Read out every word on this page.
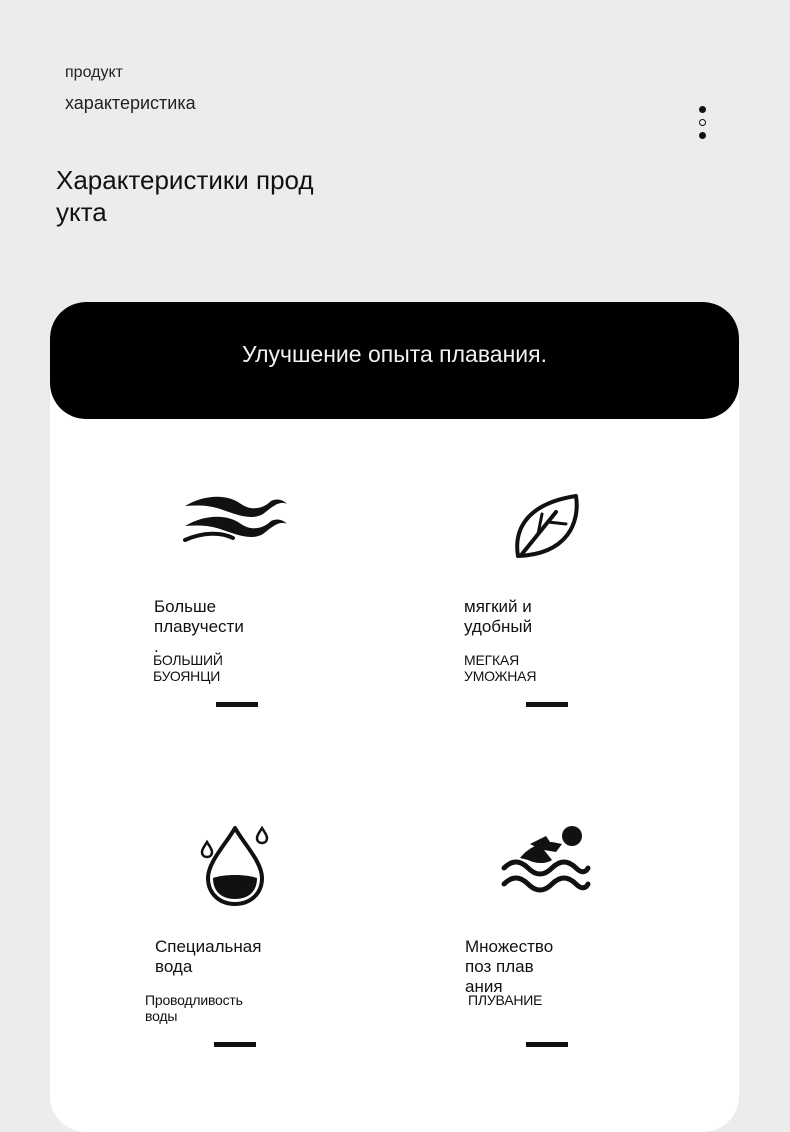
продукт
характеристика
Характеристики прод
укта
Улучшение опыта плавания.
Больше плавучести
.
БОЛЬШИЙ БУОЯНЦИ
мягкий и удобный
МЕГКАЯ УМОЖНАЯ
Специальная вода
Проводливость воды
Множество поз плав
ания
ПЛУВАНИЕ
